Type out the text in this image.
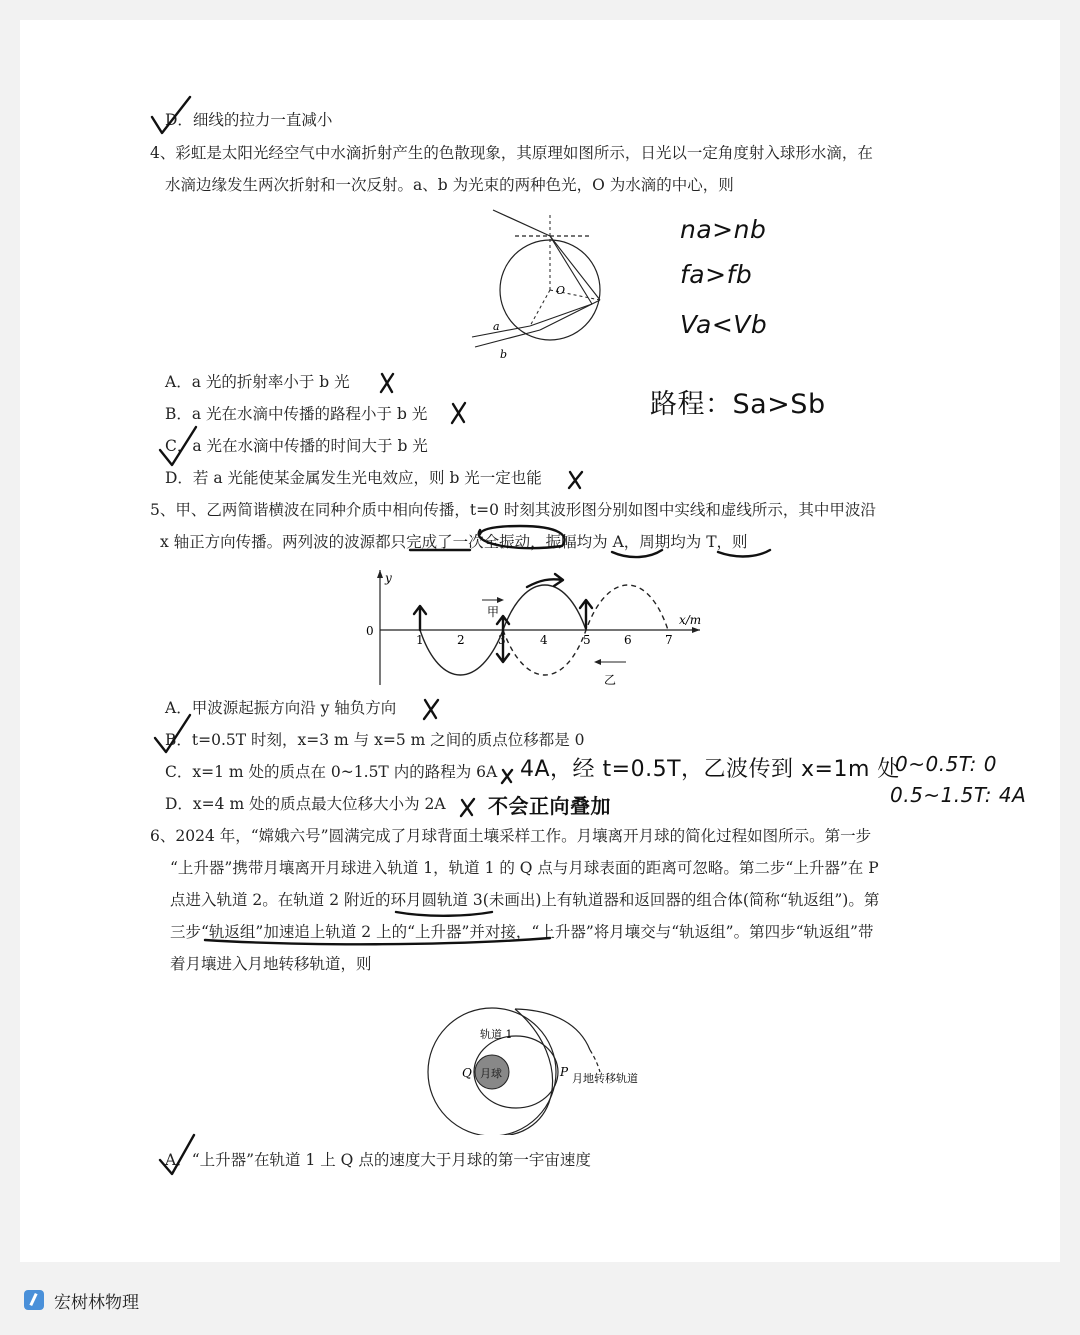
D．细线的拉力一直减小
4、彩虹是太阳光经空气中水滴折射产生的色散现象，其原理如图所示，日光以一定角度射入球形水滴，在
水滴边缘发生两次折射和一次反射。a、b 为光束的两种色光，O 为水滴的中心，则
O
a
b
A．a 光的折射率小于 b 光
B．a 光在水滴中传播的路程小于 b 光
C．a 光在水滴中传播的时间大于 b 光
D．若 a 光能使某金属发生光电效应，则 b 光一定也能
na>nb
fa>fb
Va<Vb
路程：Sa>Sb
5、甲、乙两简谐横波在同种介质中相向传播，t=0 时刻其波形图分别如图中实线和虚线所示，其中甲波沿
x 轴正方向传播。两列波的波源都只完成了一次全振动，振幅均为 A，周期均为 T，则
y
x/m
0
1	2	3	4	5	6	7
甲
乙
A．甲波源起振方向沿 y 轴负方向
B．t=0.5T 时刻，x=3 m 与 x=5 m 之间的质点位移都是 0
C．x=1 m 处的质点在 0~1.5T 内的路程为 6A
D．x=4 m 处的质点最大位移大小为 2A
4A，经 t=0.5T，乙波传到 x=1m 处
0~0.5T: 0
0.5~1.5T: 4A
不会正向叠加
6、2024 年，“嫦娥六号”圆满完成了月球背面土壤采样工作。月壤离开月球的简化过程如图所示。第一步
“上升器”携带月壤离开月球进入轨道 1，轨道 1 的 Q 点与月球表面的距离可忽略。第二步“上升器”在 P
点进入轨道 2。在轨道 2 附近的环月圆轨道 3(未画出)上有轨道器和返回器的组合体(简称“轨返组”)。第
三步“轨返组”加速追上轨道 2 上的“上升器”并对接，“上升器”将月壤交与“轨返组”。第四步“轨返组”带
着月壤进入月地转移轨道，则
轨道 1
Q 月球	P 月地转移轨道
A．“上升器”在轨道 1 上 Q 点的速度大于月球的第一宇宙速度
宏树林物理
